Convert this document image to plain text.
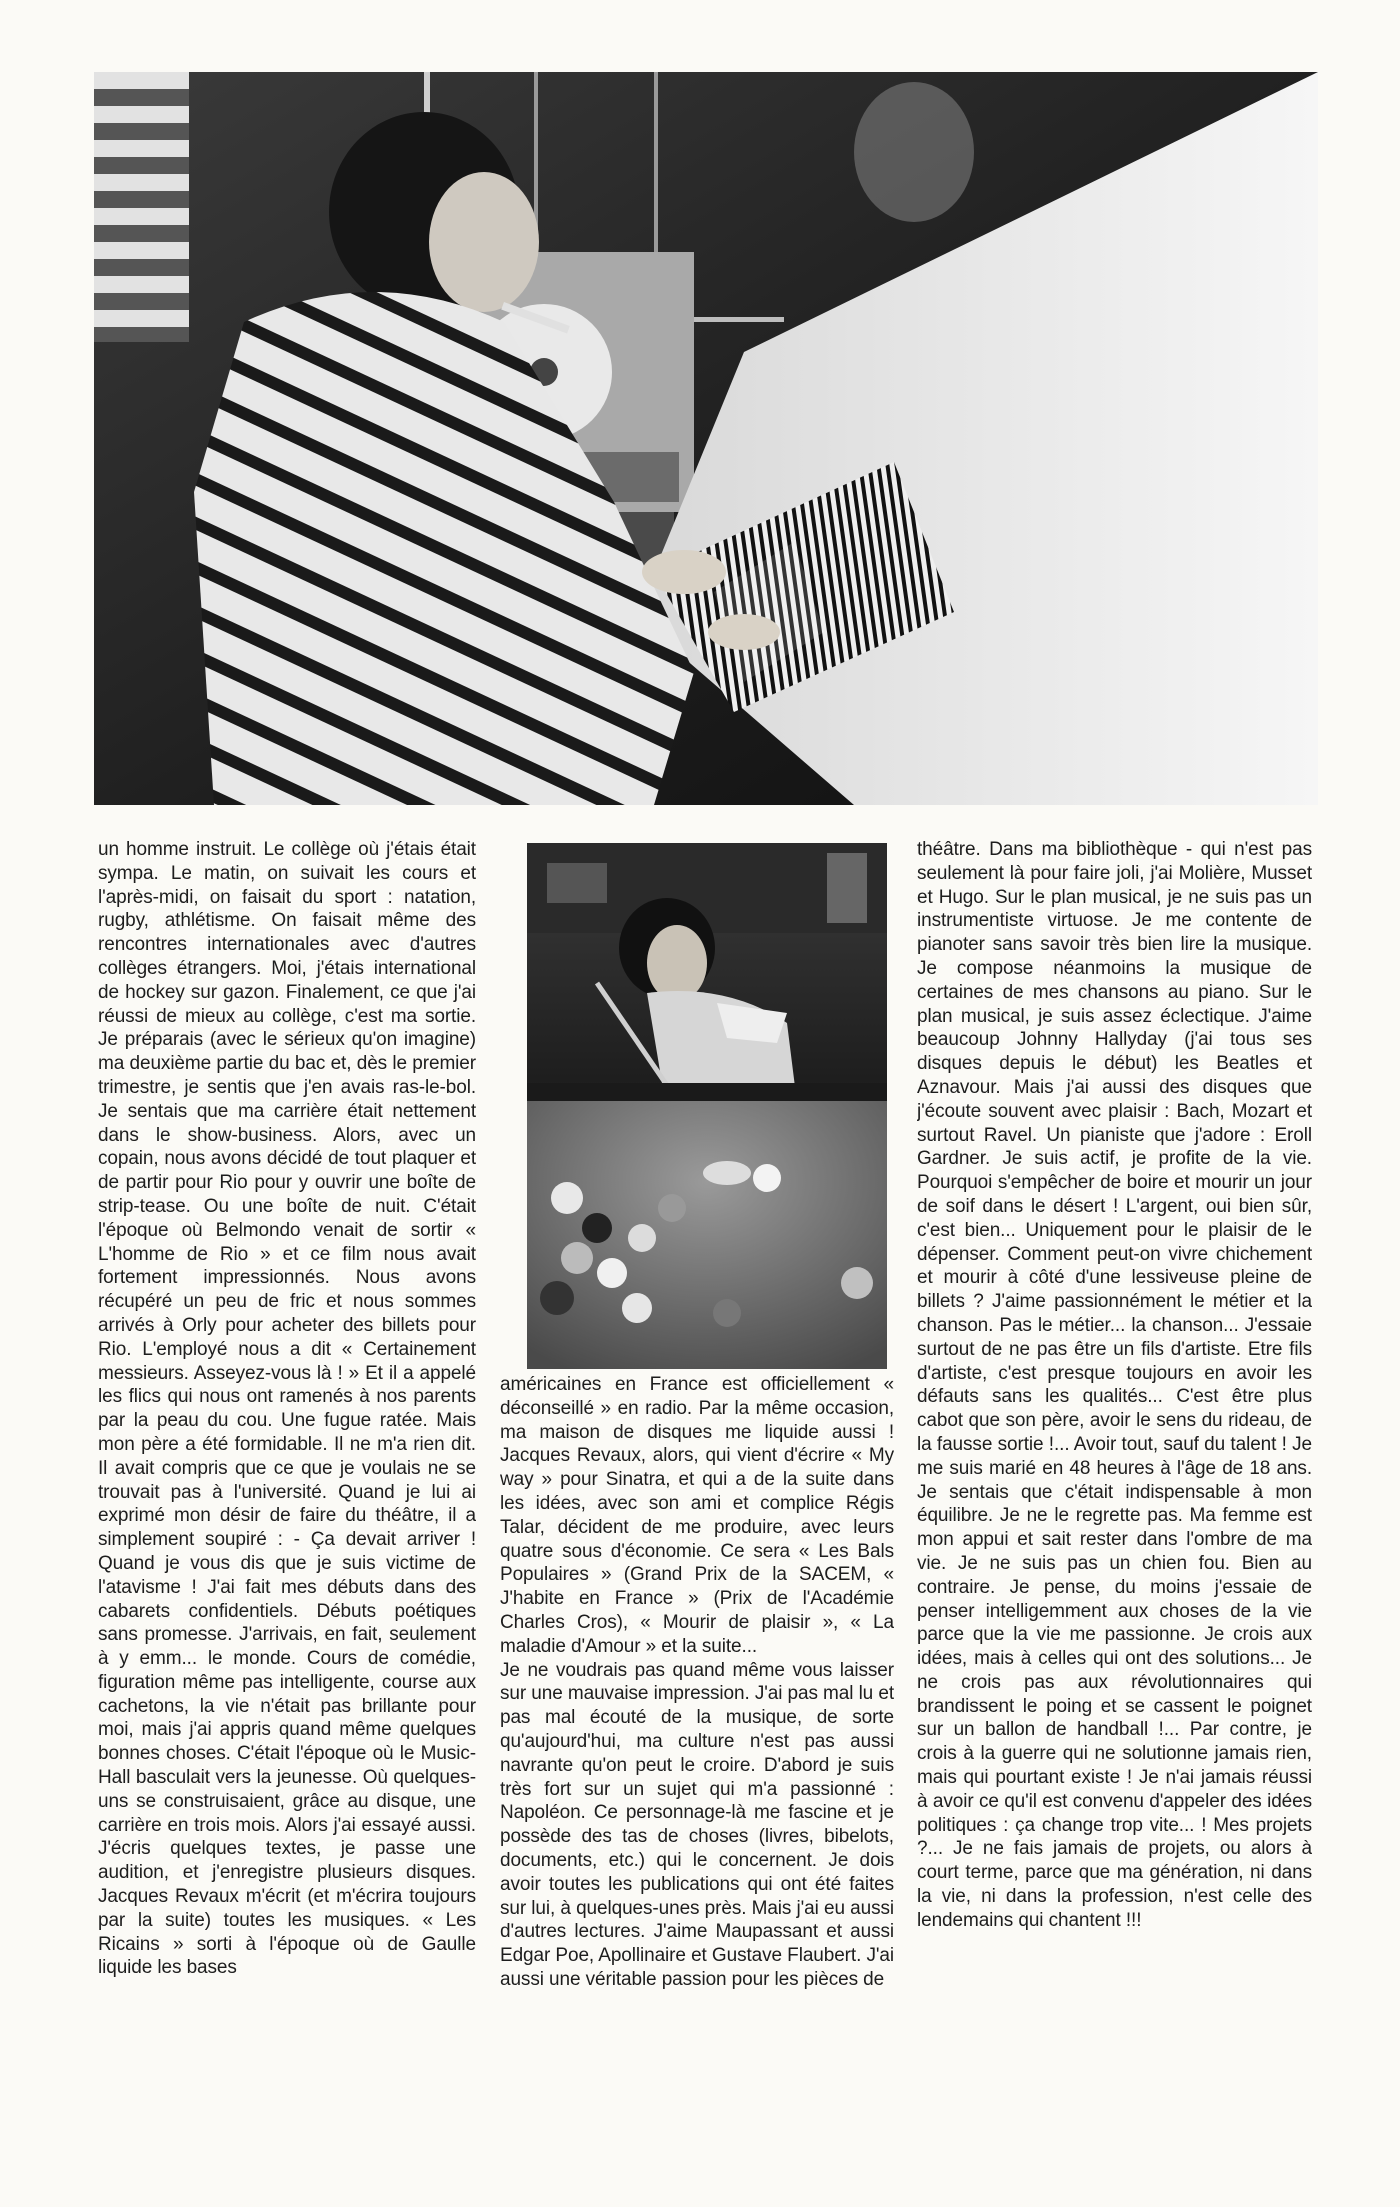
un homme instruit. Le collège où j'étais était sympa. Le matin, on suivait les cours et l'après-midi, on faisait du sport : natation, rugby, athlétisme. On faisait même des rencontres internationales avec d'autres collèges étrangers. Moi, j'étais international de hockey sur gazon. Finalement, ce que j'ai réussi de mieux au collège, c'est ma sortie. Je préparais (avec le sérieux qu'on imagine) ma deuxième partie du bac et, dès le premier trimestre, je sentis que j'en avais ras-le-bol. Je sentais que ma carrière était nettement dans le show-business. Alors, avec un copain, nous avons décidé de tout plaquer et de partir pour Rio pour y ouvrir une boîte de strip-tease. Ou une boîte de nuit. C'était l'époque où Belmondo venait de sortir « L'homme de Rio » et ce film nous avait fortement impressionnés. Nous avons récupéré un peu de fric et nous sommes arrivés à Orly pour acheter des billets pour Rio. L'employé nous a dit « Certainement messieurs. Asseyez-vous là ! » Et il a appelé les flics qui nous ont ramenés à nos parents par la peau du cou. Une fugue ratée. Mais mon père a été formidable. Il ne m'a rien dit. Il avait compris que ce que je voulais ne se trouvait pas à l'université. Quand je lui ai exprimé mon désir de faire du théâtre, il a simplement soupiré : - Ça devait arriver ! Quand je vous dis que je suis victime de l'atavisme ! J'ai fait mes débuts dans des cabarets confidentiels. Débuts poétiques sans promesse. J'arrivais, en fait, seulement à y emm... le monde. Cours de comédie, figuration même pas intelligente, course aux cachetons, la vie n'était pas brillante pour moi, mais j'ai appris quand même quelques bonnes choses. C'était l'époque où le Music-Hall basculait vers la jeunesse. Où quelques-uns se construisaient, grâce au disque, une carrière en trois mois. Alors j'ai essayé aussi. J'écris quelques textes, je passe une audition, et j'enregistre plusieurs disques. Jacques Revaux m'écrit (et m'écrira toujours par la suite) toutes les musiques. « Les Ricains » sorti à l'époque où de Gaulle liquide les bases

américaines en France est officiellement « déconseillé » en radio. Par la même occasion, ma maison de disques me liquide aussi ! Jacques Revaux, alors, qui vient d'écrire « My way » pour Sinatra, et qui a de la suite dans les idées, avec son ami et complice Régis Talar, décident de me produire, avec leurs quatre sous d'économie. Ce sera « Les Bals Populaires » (Grand Prix de la SACEM, « J'habite en France » (Prix de l'Académie Charles Cros), « Mourir de plaisir », « La maladie d'Amour » et la suite...

Je ne voudrais pas quand même vous laisser sur une mauvaise impression. J'ai pas mal lu et pas mal écouté de la musique, de sorte qu'aujourd'hui, ma culture n'est pas aussi navrante qu'on peut le croire. D'abord je suis très fort sur un sujet qui m'a passionné : Napoléon. Ce personnage-là me fascine et je possède des tas de choses (livres, bibelots, documents, etc.) qui le concernent. Je dois avoir toutes les publications qui ont été faites sur lui, à quelques-unes près. Mais j'ai eu aussi d'autres lectures. J'aime Maupassant et aussi Edgar Poe, Apollinaire et Gustave Flaubert. J'ai aussi une véritable passion pour les pièces de

théâtre. Dans ma bibliothèque - qui n'est pas seulement là pour faire joli, j'ai Molière, Musset et Hugo. Sur le plan musical, je ne suis pas un instrumentiste virtuose. Je me contente de pianoter sans savoir très bien lire la musique. Je compose néanmoins la musique de certaines de mes chansons au piano. Sur le plan musical, je suis assez éclectique. J'aime beaucoup Johnny Hallyday (j'ai tous ses disques depuis le début) les Beatles et Aznavour. Mais j'ai aussi des disques que j'écoute souvent avec plaisir : Bach, Mozart et surtout Ravel. Un pianiste que j'adore : Eroll Gardner. Je suis actif, je profite de la vie. Pourquoi s'empêcher de boire et mourir un jour de soif dans le désert ! L'argent, oui bien sûr, c'est bien... Uniquement pour le plaisir de le dépenser. Comment peut-on vivre chichement et mourir à côté d'une lessiveuse pleine de billets ? J'aime passionnément le métier et la chanson. Pas le métier... la chanson... J'essaie surtout de ne pas être un fils d'artiste. Etre fils d'artiste, c'est presque toujours en avoir les défauts sans les qualités... C'est être plus cabot que son père, avoir le sens du rideau, de la fausse sortie !... Avoir tout, sauf du talent ! Je me suis marié en 48 heures à l'âge de 18 ans. Je sentais que c'était indispensable à mon équilibre. Je ne le regrette pas. Ma femme est mon appui et sait rester dans l'ombre de ma vie. Je ne suis pas un chien fou. Bien au contraire. Je pense, du moins j'essaie de penser intelligemment aux choses de la vie parce que la vie me passionne. Je crois aux idées, mais à celles qui ont des solutions... Je ne crois pas aux révolutionnaires qui brandissent le poing et se cassent le poignet sur un ballon de handball !... Par contre, je crois à la guerre qui ne solutionne jamais rien, mais qui pourtant existe ! Je n'ai jamais réussi à avoir ce qu'il est convenu d'appeler des idées politiques : ça change trop vite... ! Mes projets ?... Je ne fais jamais de projets, ou alors à court terme, parce que ma génération, ni dans la vie, ni dans la profession, n'est celle des lendemains qui chantent !!!
